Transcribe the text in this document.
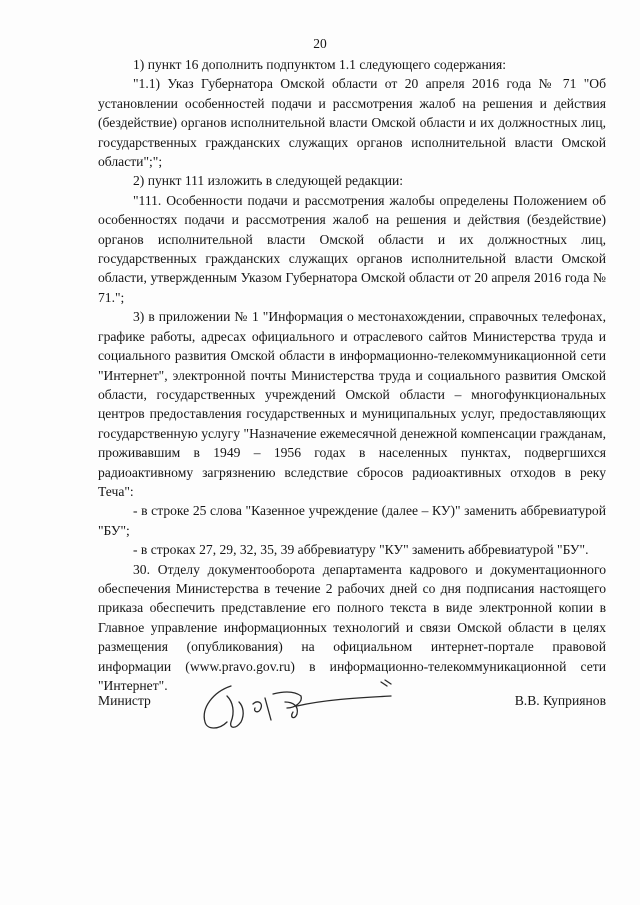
20

1) пункт 16 дополнить подпунктом 1.1 следующего содержания:

"1.1) Указ Губернатора Омской области от 20 апреля 2016 года № 71 "Об установлении особенностей подачи и рассмотрения жалоб на решения и действия (бездействие) органов исполнительной власти Омской области и их должностных лиц, государственных гражданских служащих органов исполнительной власти Омской области";";

2) пункт 111 изложить в следующей редакции:

"111. Особенности подачи и рассмотрения жалобы определены Положением об особенностях подачи и рассмотрения жалоб на решения и действия (бездействие) органов исполнительной власти Омской области и их должностных лиц, государственных гражданских служащих органов исполнительной власти Омской области, утвержденным Указом Губернатора Омской области от 20 апреля 2016 года № 71.";

3) в приложении № 1 "Информация о местонахождении, справочных телефонах, графике работы, адресах официального и отраслевого сайтов Министерства труда и социального развития Омской области в информационно-телекоммуникационной сети "Интернет", электронной почты Министерства труда и социального развития Омской области, государственных учреждений Омской области – многофункциональных центров предоставления государственных и муниципальных услуг, предоставляющих государственную услугу "Назначение ежемесячной денежной компенсации гражданам, проживавшим в 1949 – 1956 годах в населенных пунктах, подвергшихся радиоактивному загрязнению вследствие сбросов радиоактивных отходов в реку Теча":

- в строке 25 слова "Казенное учреждение (далее – КУ)" заменить аббревиатурой "БУ";

- в строках 27, 29, 32, 35, 39 аббревиатуру "КУ" заменить аббревиатурой "БУ".

30. Отделу документооборота департамента кадрового и документационного обеспечения Министерства в течение 2 рабочих дней со дня подписания настоящего приказа обеспечить представление его полного текста в виде электронной копии в Главное управление информационных технологий и связи Омской области в целях размещения (опубликования) на официальном интернет-портале правовой информации (www.pravo.gov.ru) в информационно-телекоммуникационной сети "Интернет".

Министр	В.В. Куприянов
